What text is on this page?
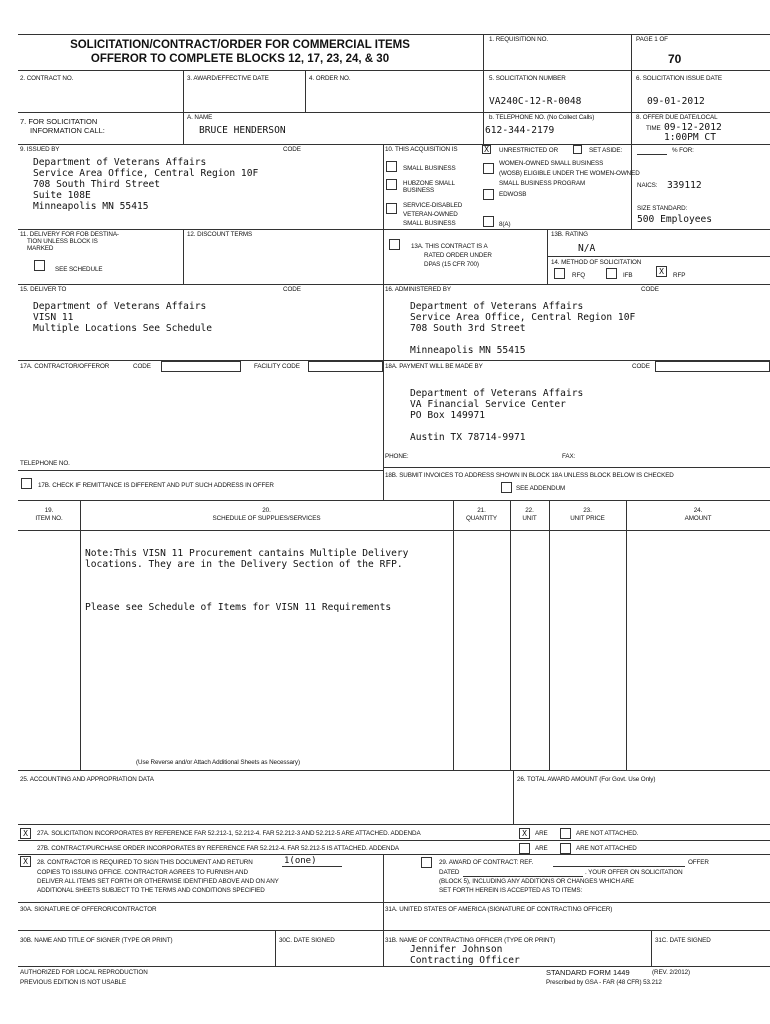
SOLICITATION/CONTRACT/ORDER FOR COMMERCIAL ITEMS
OFFEROR TO COMPLETE BLOCKS 12, 17, 23, 24, & 30
1. REQUISITION NO.	PAGE 1 OF
70
2. CONTRACT NO.	3. AWARD/EFFECTIVE DATE	4. ORDER NO.	5. SOLICITATION NUMBER
VA240C-12-R-0048
6. SOLICITATION ISSUE DATE
09-01-2012
7. FOR SOLICITATION
INFORMATION CALL:
A. NAME
BRUCE HENDERSON
b. TELEPHONE NO. (No Collect Calls)
612-344-2179
8. OFFER DUE DATE/LOCAL
TIME 09-12-2012
1:00PM CT
9. ISSUED BY	CODE
Department of Veterans Affairs
Service Area Office, Central Region 10F
708 South Third Street
Suite 108E
Minneapolis MN 55415
10. THIS ACQUISITION IS	X	UNRESTRICTED OR	SET ASIDE:	% FOR:
SMALL BUSINESS
HUBZONE SMALL
BUSINESS
SERVICE-DISABLED
VETERAN-OWNED
SMALL BUSINESS
WOMEN-OWNED SMALL BUSINESS
(WOSB) ELIGIBLE UNDER THE WOMEN-OWNED
SMALL BUSINESS PROGRAM
EDWOSB
8(A)
NAICS: 339112
SIZE STANDARD:
500 Employees
11. DELIVERY FOR FOB DESTINA-
TION UNLESS BLOCK IS
MARKED
SEE SCHEDULE
12. DISCOUNT TERMS
13A. THIS CONTRACT IS A
RATED ORDER UNDER
DPAS (15 CFR 700)
13B. RATING
N/A
14. METHOD OF SOLICITATION
RFQ	IFB	X	RFP
15. DELIVER TO	CODE
Department of Veterans Affairs
VISN 11
Multiple Locations See Schedule
16. ADMINISTERED BY	CODE
Department of Veterans Affairs
Service Area Office, Central Region 10F
708 South 3rd Street
Minneapolis MN 55415
17A. CONTRACTOR/OFFEROR	CODE	FACILITY CODE
TELEPHONE NO.
17B. CHECK IF REMITTANCE IS DIFFERENT AND PUT SUCH ADDRESS IN OFFER
18A. PAYMENT WILL BE MADE BY	CODE
Department of Veterans Affairs
VA Financial Service Center
PO Box 149971
Austin TX 78714-9971
PHONE:	FAX:
18B. SUBMIT INVOICES TO ADDRESS SHOWN IN BLOCK 18A UNLESS BLOCK BELOW IS CHECKED
SEE ADDENDUM
19.
ITEM NO.
20.
SCHEDULE OF SUPPLIES/SERVICES
21.
QUANTITY
22.
UNIT
23.
UNIT PRICE
24.
AMOUNT
Note:This VISN 11 Procurement cantains Multiple Delivery
locations. They are in the Delivery Section of the RFP.
Please see Schedule of Items for VISN 11 Requirements
(Use Reverse and/or Attach Additional Sheets as Necessary)
25. ACCOUNTING AND APPROPRIATION DATA	26. TOTAL AWARD AMOUNT (For Govt. Use Only)
X	27A. SOLICITATION INCORPORATES BY REFERENCE FAR 52.212-1, 52.212-4. FAR 52.212-3 AND 52.212-5 ARE ATTACHED. ADDENDA	X	ARE	ARE NOT ATTACHED.
27B. CONTRACT/PURCHASE ORDER INCORPORATES BY REFERENCE FAR 52.212-4. FAR 52.212-5 IS ATTACHED. ADDENDA	ARE	ARE NOT ATTACHED
X	28. CONTRACTOR IS REQUIRED TO SIGN THIS DOCUMENT AND RETURN	1(one)
COPIES TO ISSUING OFFICE. CONTRACTOR AGREES TO FURNISH AND
DELIVER ALL ITEMS SET FORTH OR OTHERWISE IDENTIFIED ABOVE AND ON ANY
ADDITIONAL SHEETS SUBJECT TO THE TERMS AND CONDITIONS SPECIFIED
29. AWARD OF CONTRACT: REF.	OFFER
DATED	. YOUR OFFER ON SOLICITATION
(BLOCK 5), INCLUDING ANY ADDITIONS OR CHANGES WHICH ARE
SET FORTH HEREIN IS ACCEPTED AS TO ITEMS:
30A. SIGNATURE OF OFFEROR/CONTRACTOR	31A. UNITED STATES OF AMERICA (SIGNATURE OF CONTRACTING OFFICER)
30B. NAME AND TITLE OF SIGNER (TYPE OR PRINT)	30C. DATE SIGNED	31B. NAME OF CONTRACTING OFFICER (TYPE OR PRINT)	31C. DATE SIGNED
Jennifer Johnson
Contracting Officer
AUTHORIZED FOR LOCAL REPRODUCTION
PREVIOUS EDITION IS NOT USABLE
STANDARD FORM 1449	(REV. 2/2012)
Prescribed by GSA - FAR (48 CFR) 53.212
